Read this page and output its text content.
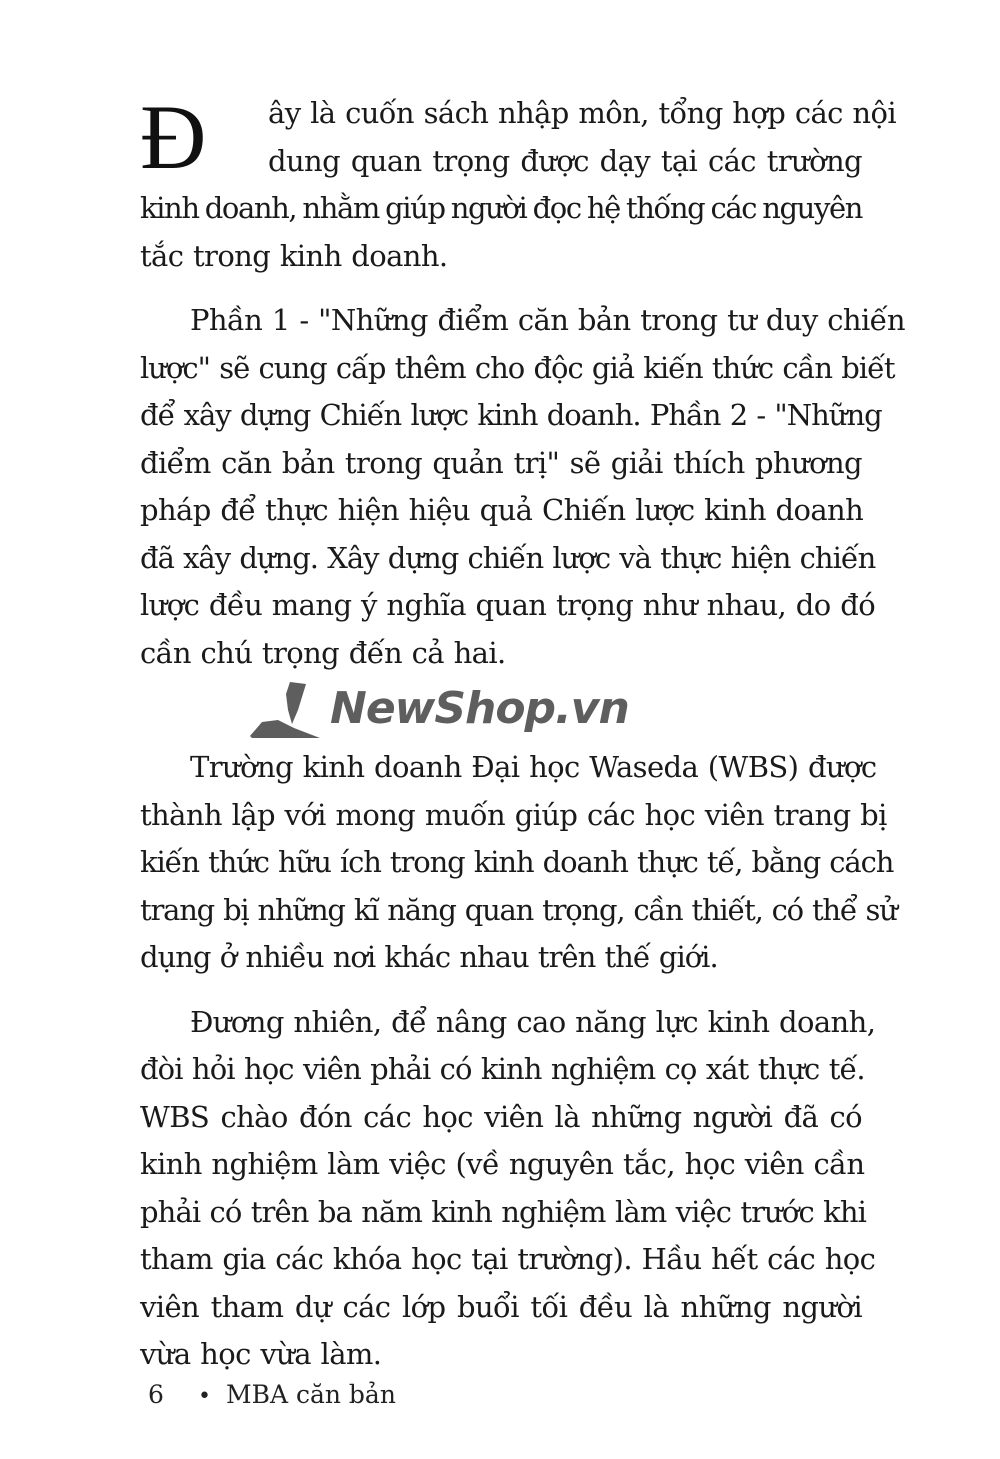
Đ	ây là cuốn sách nhập môn, tổng hợp các nội
dung quan trọng được dạy tại các trường
kinh doanh, nhằm giúp người đọc hệ thống các nguyên
tắc trong kinh doanh.
Phần 1 - "Những điểm căn bản trong tư duy chiến
lược" sẽ cung cấp thêm cho độc giả kiến thức cần biết
để xây dựng Chiến lược kinh doanh. Phần 2 - "Những
điểm căn bản trong quản trị" sẽ giải thích phương
pháp để thực hiện hiệu quả Chiến lược kinh doanh
đã xây dựng. Xây dựng chiến lược và thực hiện chiến
lược đều mang ý nghĩa quan trọng như nhau, do đó
cần chú trọng đến cả hai.
NewShop.vn
Trường kinh doanh Đại học Waseda (WBS) được
thành lập với mong muốn giúp các học viên trang bị
kiến thức hữu ích trong kinh doanh thực tế, bằng cách
trang bị những kĩ năng quan trọng, cần thiết, có thể sử
dụng ở nhiều nơi khác nhau trên thế giới.
Đương nhiên, để nâng cao năng lực kinh doanh,
đòi hỏi học viên phải có kinh nghiệm cọ xát thực tế.
WBS chào đón các học viên là những người đã có
kinh nghiệm làm việc (về nguyên tắc, học viên cần
phải có trên ba năm kinh nghiệm làm việc trước khi
tham gia các khóa học tại trường). Hầu hết các học
viên tham dự các lớp buổi tối đều là những người
vừa học vừa làm.
6 • MBA căn bản
